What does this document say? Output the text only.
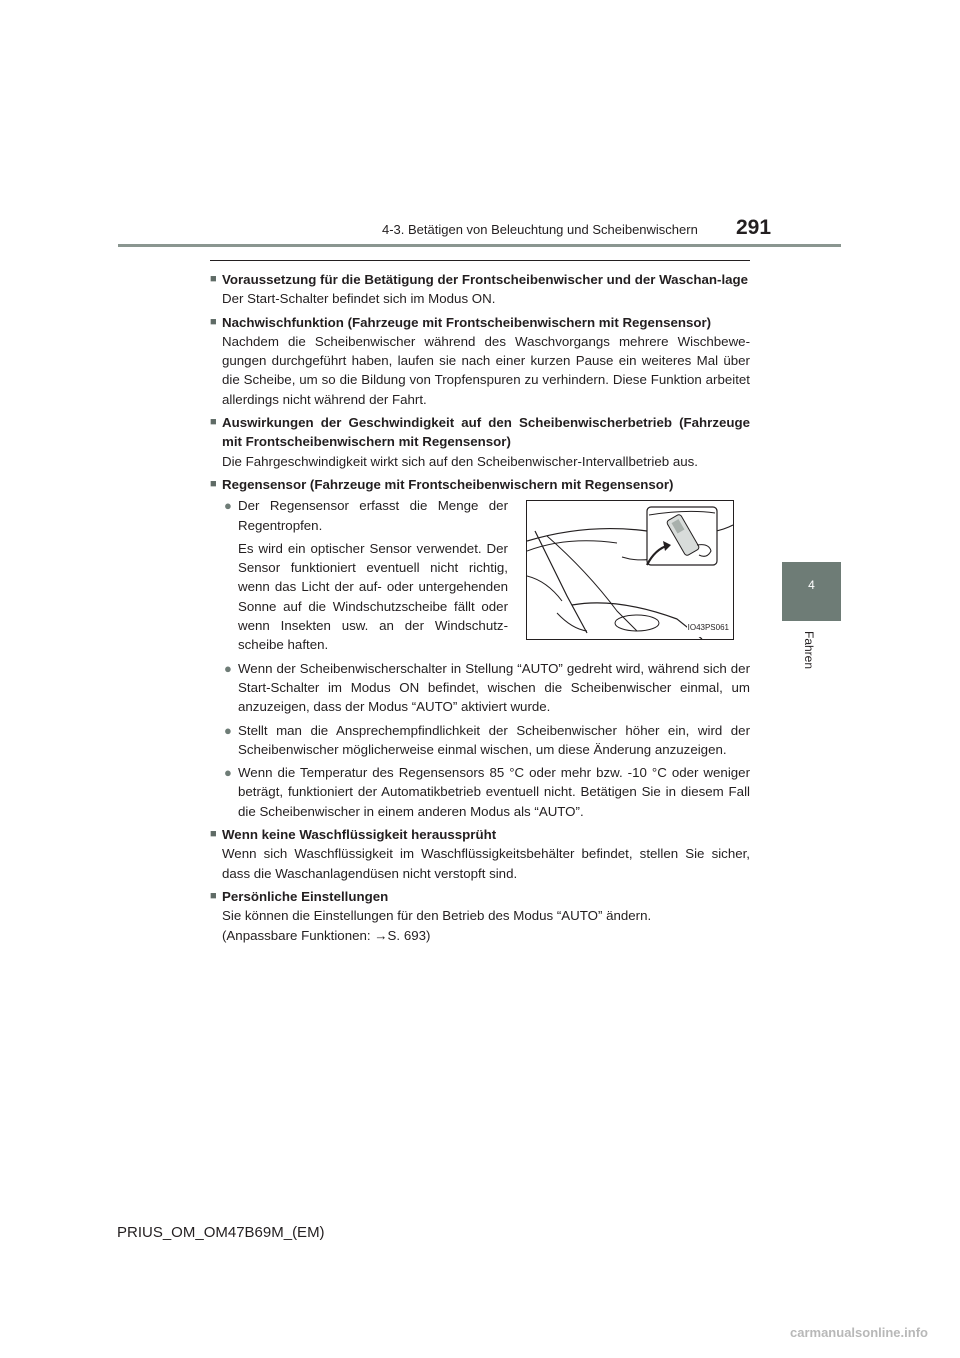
4-3. Betätigen von Beleuchtung und Scheibenwischern 291
4
Fahren
■ Voraussetzung für die Betätigung der Frontscheibenwischer und der Waschan-lage
Der Start-Schalter befindet sich im Modus ON.
■ Nachwischfunktion (Fahrzeuge mit Frontscheibenwischern mit Regensensor)
Nachdem die Scheibenwischer während des Waschvorgangs mehrere Wischbewe-gungen durchgeführt haben, laufen sie nach einer kurzen Pause ein weiteres Mal über die Scheibe, um so die Bildung von Tropfenspuren zu verhindern. Diese Funktion arbeitet allerdings nicht während der Fahrt.
■ Auswirkungen der Geschwindigkeit auf den Scheibenwischerbetrieb (Fahrzeuge mit Frontscheibenwischern mit Regensensor)
Die Fahrgeschwindigkeit wirkt sich auf den Scheibenwischer-Intervallbetrieb aus.
■ Regensensor (Fahrzeuge mit Frontscheibenwischern mit Regensensor)
● Der Regensensor erfasst die Menge der Regentropfen.
Es wird ein optischer Sensor verwendet. Der Sensor funktioniert eventuell nicht richtig, wenn das Licht der auf- oder untergehenden Sonne auf die Windschutzscheibe fällt oder wenn Insekten usw. an der Windschutz-scheibe haften.
IO43PS061
● Wenn der Scheibenwischerschalter in Stellung “AUTO” gedreht wird, während sich der Start-Schalter im Modus ON befindet, wischen die Scheibenwischer einmal, um anzuzeigen, dass der Modus “AUTO” aktiviert wurde.
● Stellt man die Ansprechempfindlichkeit der Scheibenwischer höher ein, wird der Scheibenwischer möglicherweise einmal wischen, um diese Änderung anzuzeigen.
● Wenn die Temperatur des Regensensors 85 °C oder mehr bzw. -10 °C oder weniger beträgt, funktioniert der Automatikbetrieb eventuell nicht. Betätigen Sie in diesem Fall die Scheibenwischer in einem anderen Modus als “AUTO”.
■ Wenn keine Waschflüssigkeit heraussprüht
Wenn sich Waschflüssigkeit im Waschflüssigkeitsbehälter befindet, stellen Sie sicher, dass die Waschanlagendüsen nicht verstopft sind.
■ Persönliche Einstellungen
Sie können die Einstellungen für den Betrieb des Modus “AUTO” ändern.
(Anpassbare Funktionen: →S. 693)
PRIUS_OM_OM47B69M_(EM)
carmanualsonline.info
